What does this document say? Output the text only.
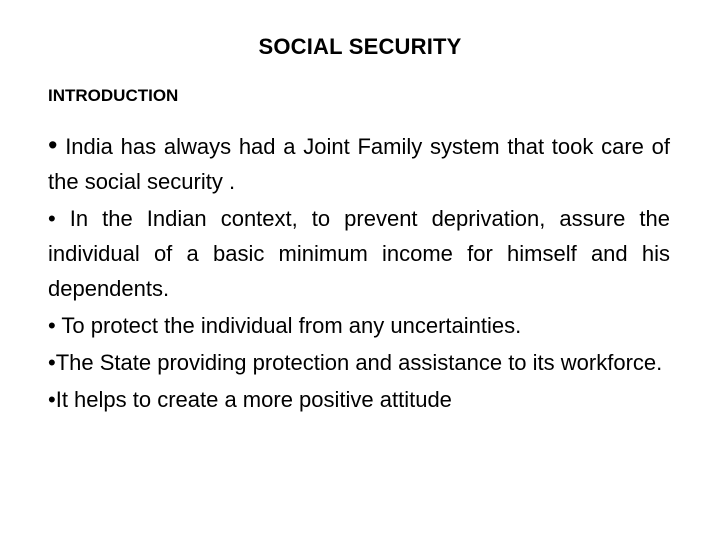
SOCIAL SECURITY
INTRODUCTION

• India has always had a Joint Family system that took care of the social security .

• In the Indian context, to prevent deprivation, assure the individual of a basic minimum income for himself and his dependents.

• To protect the individual from any uncertainties.

•The State providing protection and assistance to its workforce.

•It helps to create a more positive attitude
